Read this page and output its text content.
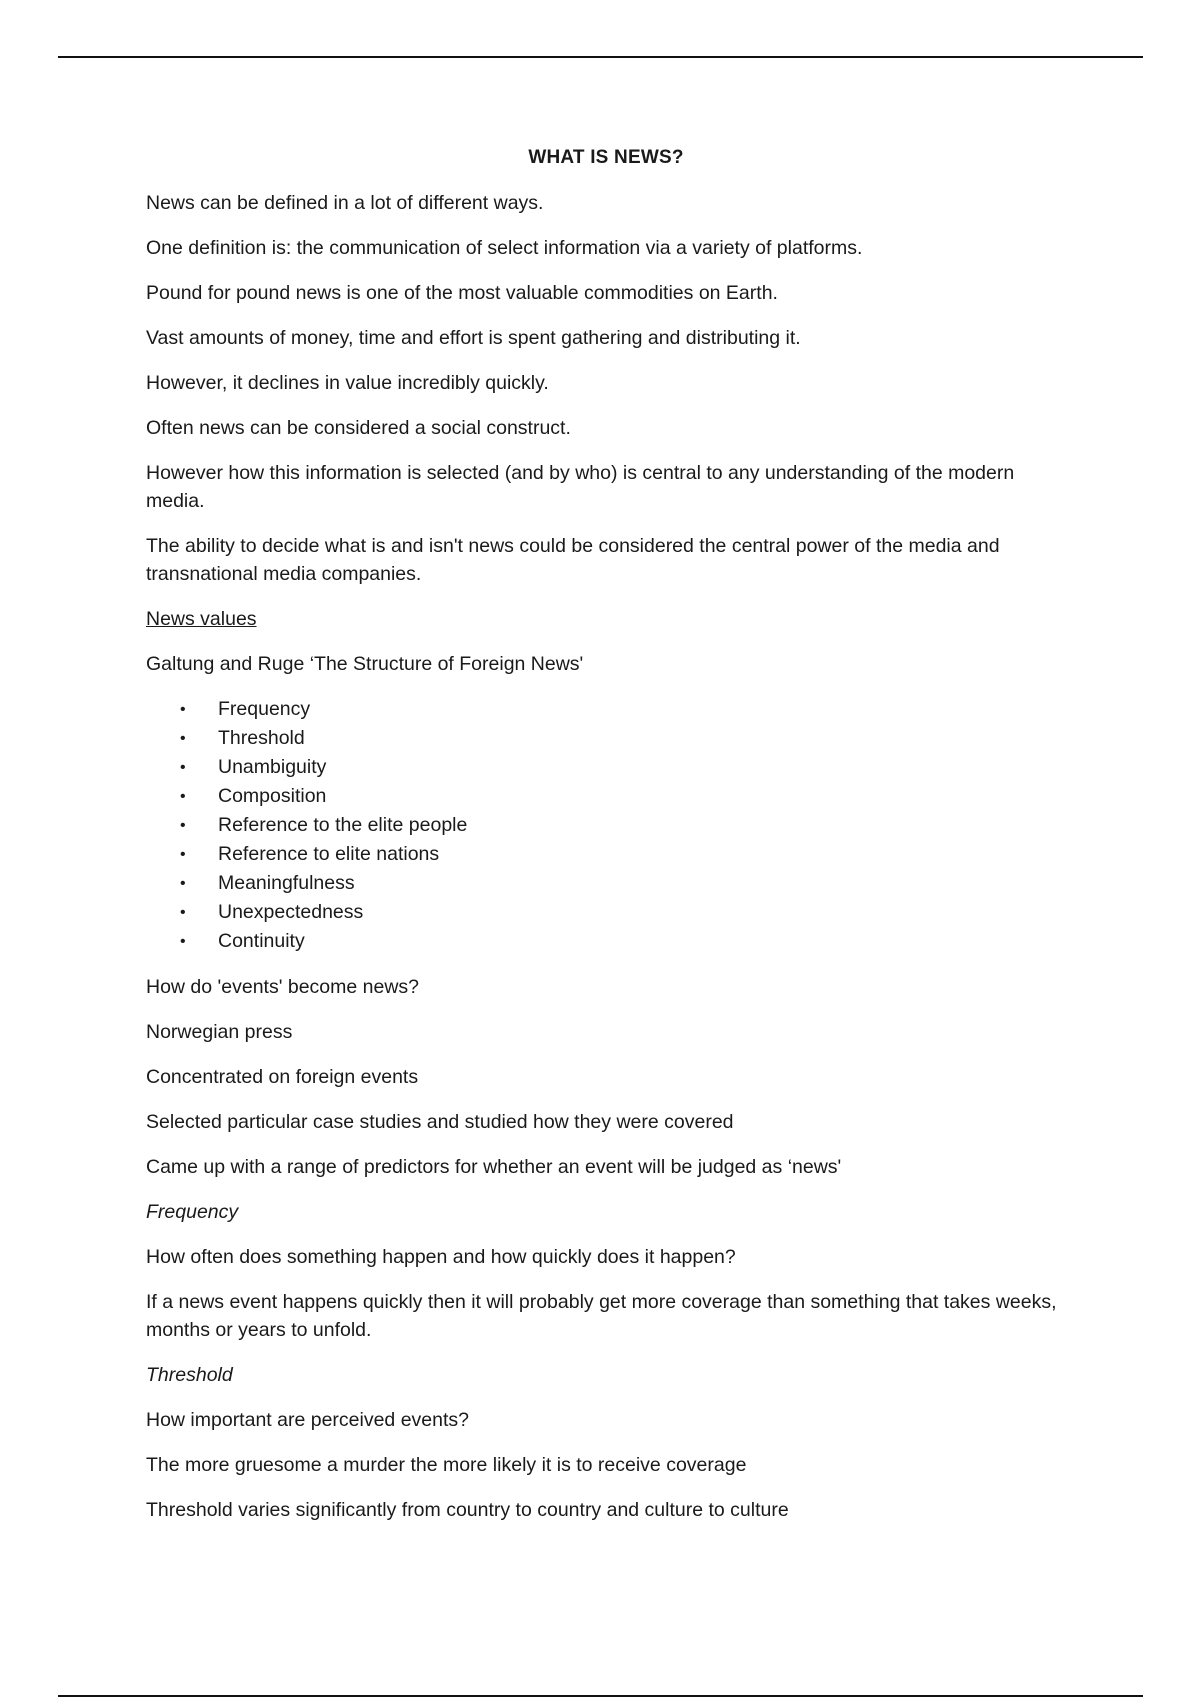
WHAT IS NEWS?

News can be defined in a lot of different ways.

One definition is: the communication of select information via a variety of platforms.

Pound for pound news is one of the most valuable commodities on Earth.

Vast amounts of money, time and effort is spent gathering and distributing it.

However, it declines in value incredibly quickly.

Often news can be considered a social construct.

However how this information is selected (and by who) is central to any understanding of the modern media.

The ability to decide what is and isn't news could be considered the central power of the media and transnational media companies.

News values

Galtung and Ruge ‘The Structure of Foreign News'

• Frequency
• Threshold
• Unambiguity
• Composition
• Reference to the elite people
• Reference to elite nations
• Meaningfulness
• Unexpectedness
• Continuity

How do 'events' become news?

Norwegian press

Concentrated on foreign events

Selected particular case studies and studied how they were covered

Came up with a range of predictors for whether an event will be judged as ‘news'

Frequency

How often does something happen and how quickly does it happen?

If a news event happens quickly then it will probably get more coverage than something that takes weeks, months or years to unfold.

Threshold

How important are perceived events?

The more gruesome a murder the more likely it is to receive coverage

Threshold varies significantly from country to country and culture to culture
